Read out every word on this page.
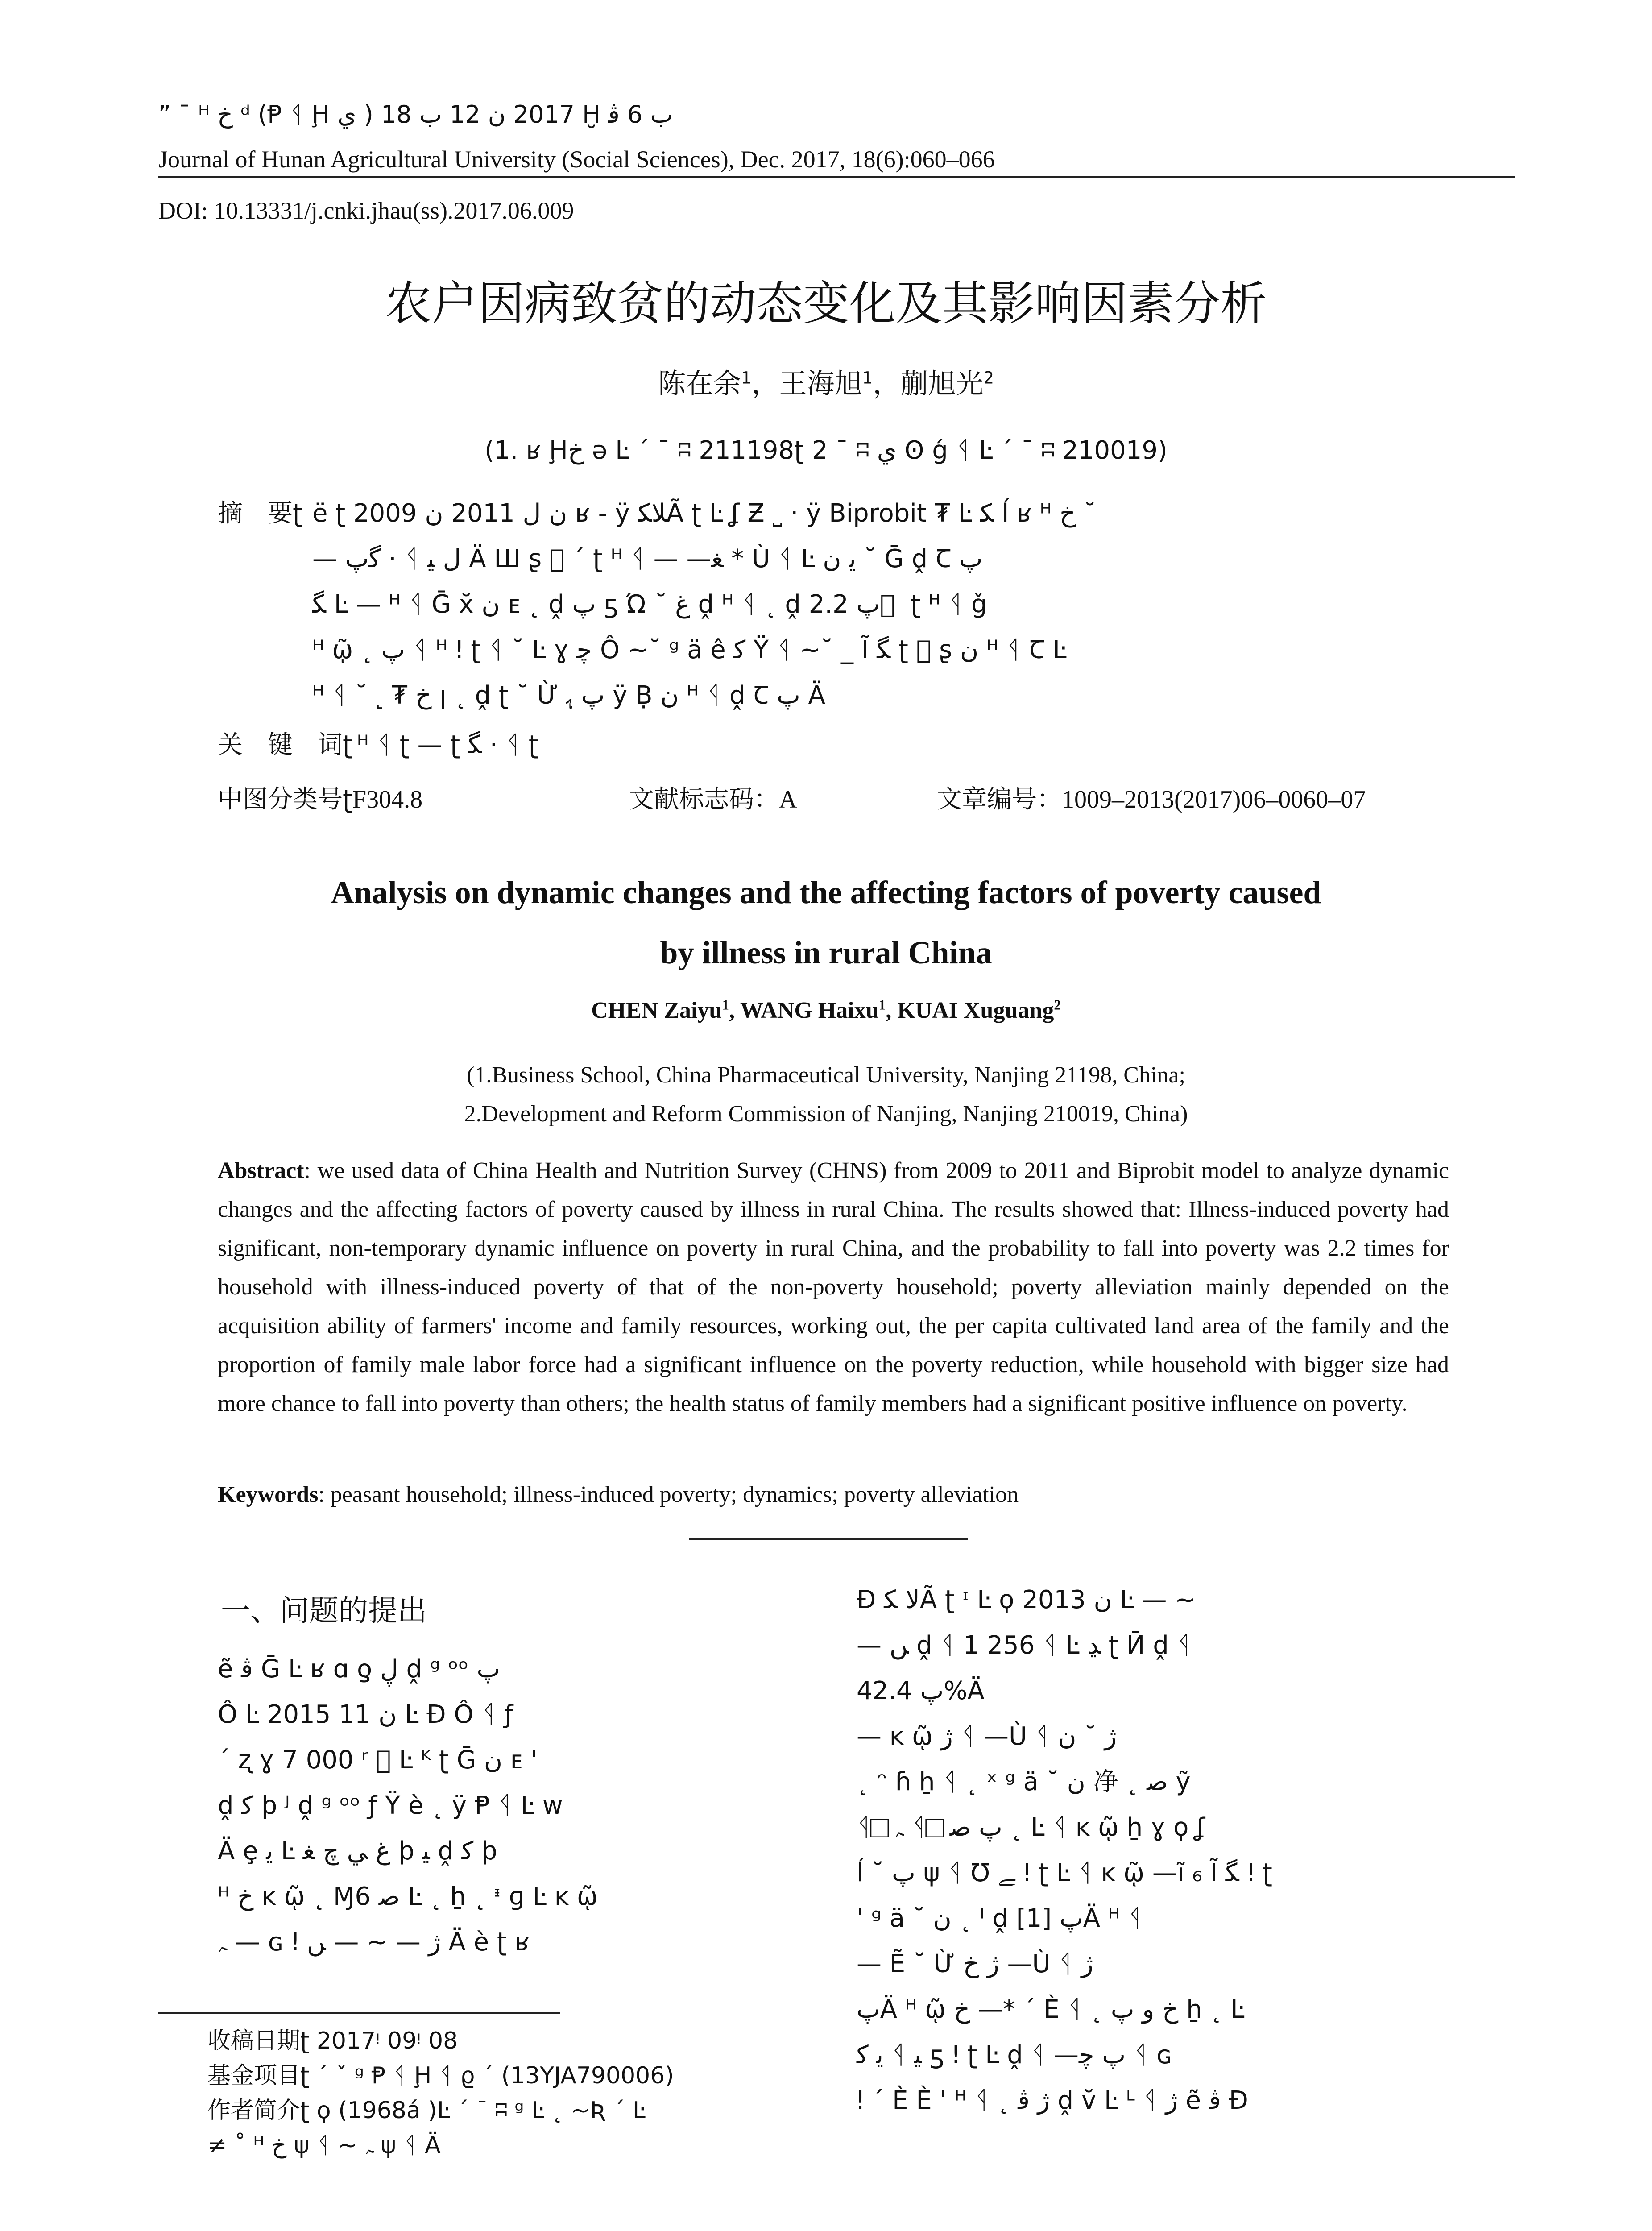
” ¯ ᴴ خ ᵈ (Ᵽ ᛩ Ḩ ي ) 2017 ﻥ 12 ب 18 Ḫ ب 6 ﭬ
Journal of Hunan Agricultural University (Social Sciences), Dec. 2017, 18(6):060–066
DOI: 10.13331/j.cnki.jhau(ss).2017.06.009
农户因病致贫的动态变化及其影响因素分析
陈在余$^1$，王海旭$^1$，蒯旭光$^2$
(1. ʁ Ḩخ ə Ŀ ´ ¯ ʭ 211198ʈ 2 ¯ ʭ ي Ꙩ ǵ ᛩ Ŀ ´ ¯ ʭ 210019)
摘　要ʈ ë ʈ 2009 ﻥ ﻝ 2011 ﻥ ʁ - ÿ ﻼﮑÃ ʈ Ŀ ʆ Ƶ ˽ · ÿ Biprobit ₮ Ŀ ﮑ ĺ ʁ ᴴ خ ˘
— ﮔپ · ᛩ ﻝ ﯿ Ä Ш ʂ ⃞ ´ ʈ ᴴ ᛩ — —ﻐ * Ù ᛩ Ŀ ﯾ ﻥ ˘ Ḡ ḓ Ꞇ پ
ﮕ Ŀ — ᴴ ᛩ Ḡ x̆ ﻥ ᴇ ˛ ḓ پ ƽ Ώ ˘ ﻍ ḓ ᴴ ᛩ ˛ ḓ پ 2.2 ⃞ ʈ ᴴ ᛩ ǧ
ᴴ ῷ ˛ پ ᛩ ᴴ ǃ ʈ ᛩ ˘ Ŀ ɣ ﭼ Ô ~˘ ᵍ ä ê ﮐ Ÿ ᛩ ~˘ _ Ĩ ﮕ ʈ ⃞ ʂ ﻥ ᴴ ᛩ Ꞇ Ŀ
ᴴ ᛩ ˘ ˻ ₮ خ ꞁ ˛ ḓ ʈ ˘ Ừ پ ﮨ ÿ Ḅ ﻥ ᴴ ᛩ ḓ Ꞇ پ Ä
关　键　词ʈ ᴴ ᛩ ʈ — ʈ ﮕ · ᛩ ʈ
中图分类号ʈF304.8	文献标志码：A	文章编号：1009–2013(2017)06–0060–07
Analysis on dynamic changes and the affecting factors of poverty caused
by illness in rural China
CHEN Zaiyu$^1$, WANG Haixu$^1$, KUAI Xuguang$^2$
(1.Business School, China Pharmaceutical University, Nanjing 21198, China;
2.Development and Reform Commission of Nanjing, Nanjing 210019, China)
Abstract: we used data of China Health and Nutrition Survey (CHNS) from 2009 to 2011 and Biprobit model to analyze dynamic changes and the affecting factors of poverty caused by illness in rural China. The results showed that: Illness-induced poverty had significant, non-temporary dynamic influence on poverty in rural China, and the probability to fall into poverty was 2.2 times for household with illness-induced poverty of that of the non-poverty household; poverty alleviation mainly depended on the acquisition ability of farmers' income and family resources, working out, the per capita cultivated land area of the family and the proportion of family male labor force had a significant influence on the poverty reduction, while household with bigger size had more chance to fall into poverty than others; the health status of family members had a significant positive influence on poverty.
Keywords: peasant household; illness-induced poverty; dynamics; poverty alleviation
一、问题的提出
ẽ ﭬ Ḡ Ŀ ʁ ɑ ƍ ڸ ḓ ᵍ ᵒᵒ پ
Ô Ŀ 2015 ﻥ 11 Ŀ Ð Ô ᛩ ƒ
´ ʐ ɣ 7 000 ʳ ⃞ Ŀ ᴷ ʈ Ḡ ﻥ ᴇ '
ḓ ﮐ ϸ ᴶ ḓ ᵍ ᵒᵒ ƒ Ÿ è ˛ ÿ Ᵽ ᛩ Ŀ ᴡ
Ä ȩ ﯾ Ŀ ﻍ ﻲ ﭺ ﻐ ϸ ﯿ ḓ ﮐ ϸ
ᴴ خ ĸ ῷ ˛ Ɱ6 ﺻ Ŀ ˛ ẖ ˛ ᶧ ɡ Ŀ ĸ ῷ
ﮧ — ɢ ǃ ژ — ~ — ﮟ Ä è ʈ ʁ
Ð ﻻ ﮑÃ ʈ ᶦ Ŀ ϙ 2013 ﻥ Ŀ — ~
— ﮟ ḓ ᛩ 1 256 ᛩ Ŀ ﮃ ʈ Ӣ ḓ ᛩ
پ 42.4%Ä
— ĸ ῷ ژ ᛩ —Ù ᛩ ژ ˘ ﻥ
˛ ᵔ ɦ ẖ ᛩ ˛ ˣ ᵍ ä ˘ ﻥ 净 ˛ ﺻ ỹ
ᛩ ⃞ ﮧ ᛩ ⃞ پ ﺻ ˛ Ŀ ᛩ ĸ ῷ ẖ ɣ ϙ ʆ
ĺ ˘ پ ψ ᛩ Ʊ ﮯ ǃ ʈ Ŀ ᛩ ĸ ῷ —ĩ ₆ Ĩ ﮕ ǃ ʈ
' ᵍ ä ˘ ﻥ ˛ ᴵ ḓ پ [1]Ä ᴴ ᛩ
— Ẽ ˘ Ừ ژ خ —Ù ᛩ ژ
پÄ ᴴ ῷ خ —* ´ È ᛩ ˛ خ ﻭ پ ẖ ˛ Ŀ
ﯾ ﮐ ᛩ ﯿ ƽ ǃ ʈ Ŀ ḓ ᛩ —پ ﭼ ᛩ ɢ
ǃ ´ È È ' ᴴ ᛩ ˛ ژ ﭬ ḓ v̆ Ŀ ᴸ ᛩ ژ ẽ ﭬ Ð
收稿日期ʈ 2017ᵎ 09ᵎ 08
基金项目ʈ ´ ˇ ᵍ Ᵽ ᛩ Ḩ ᛩ ϱ ˊ (13YJA790006)
作者简介ʈ ϙ (1968á )Ŀ ´ ¯ ʭ ᵍ Ŀ ˛ ~Ʀ ´ Ŀ
≠ ˚ ᴴ خ ψ ᛩ ~ ﮧ ψ ᛩ Ä
